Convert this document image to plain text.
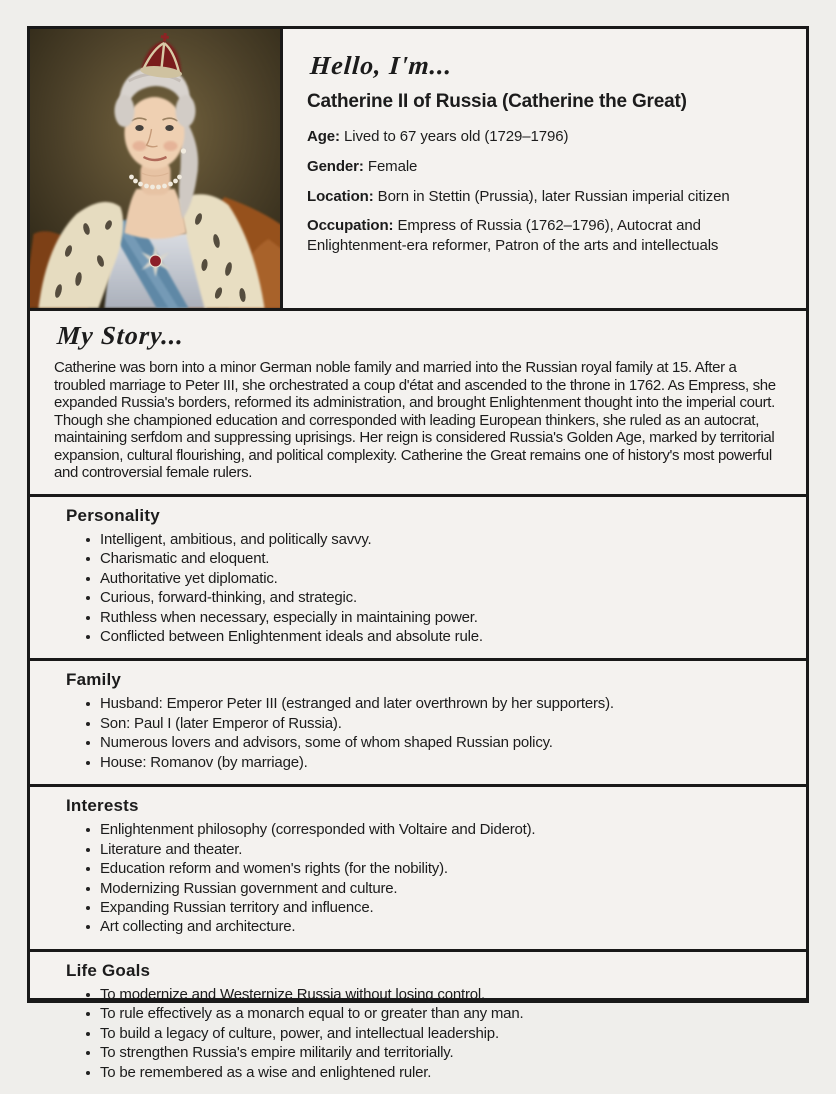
Hello, I'm...
Catherine II of Russia (Catherine the Great)

Age: Lived to 67 years old (1729–1796)

Gender: Female

Location: Born in Stettin (Prussia), later Russian imperial citizen

Occupation: Empress of Russia (1762–1796), Autocrat and Enlightenment-era reformer, Patron of the arts and intellectuals

My Story...

Catherine was born into a minor German noble family and married into the Russian royal family at 15. After a troubled marriage to Peter III, she orchestrated a coup d'état and ascended to the throne in 1762. As Empress, she expanded Russia's borders, reformed its administration, and brought Enlightenment thought into the imperial court. Though she championed education and corresponded with leading European thinkers, she ruled as an autocrat, maintaining serfdom and suppressing uprisings. Her reign is considered Russia's Golden Age, marked by territorial expansion, cultural flourishing, and political complexity. Catherine the Great remains one of history's most powerful and controversial female rulers.

Personality
Intelligent, ambitious, and politically savvy.
Charismatic and eloquent.
Authoritative yet diplomatic.
Curious, forward-thinking, and strategic.
Ruthless when necessary, especially in maintaining power.
Conflicted between Enlightenment ideals and absolute rule.
Family
Husband: Emperor Peter III (estranged and later overthrown by her supporters).
Son: Paul I (later Emperor of Russia).
Numerous lovers and advisors, some of whom shaped Russian policy.
House: Romanov (by marriage).
Interests
Enlightenment philosophy (corresponded with Voltaire and Diderot).
Literature and theater.
Education reform and women's rights (for the nobility).
Modernizing Russian government and culture.
Expanding Russian territory and influence.
Art collecting and architecture.
Life Goals
To modernize and Westernize Russia without losing control.
To rule effectively as a monarch equal to or greater than any man.
To build a legacy of culture, power, and intellectual leadership.
To strengthen Russia's empire militarily and territorially.
To be remembered as a wise and enlightened ruler.
